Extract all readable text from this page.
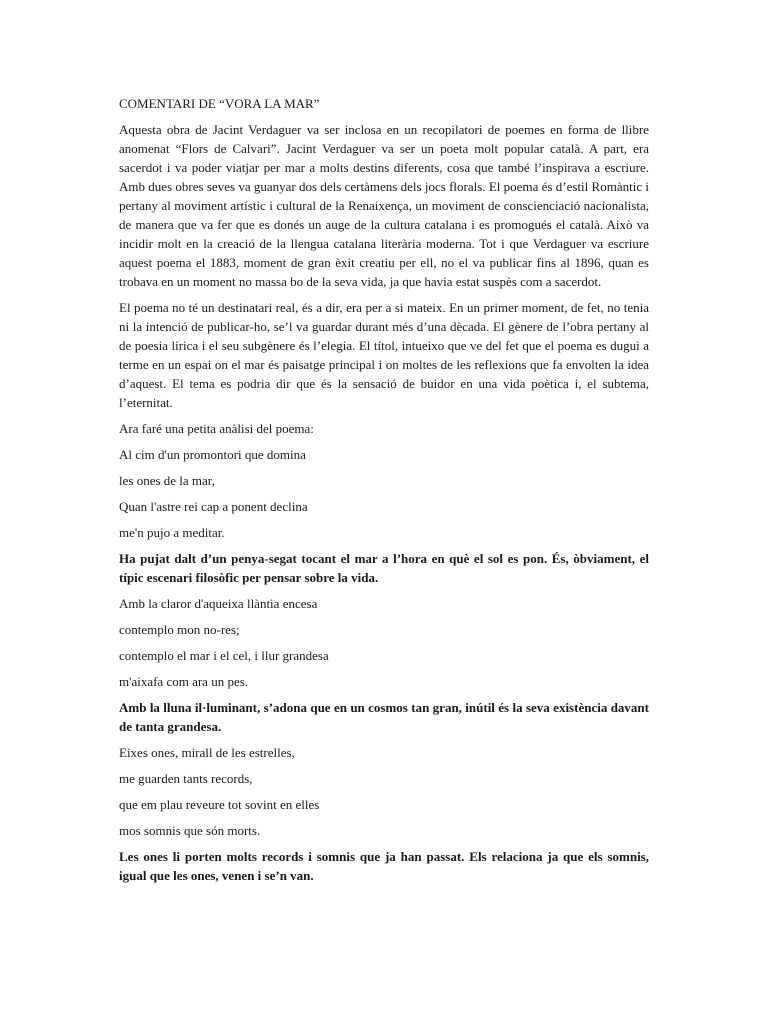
COMENTARI DE “VORA LA MAR”

Aquesta obra de Jacint Verdaguer va ser inclosa en un recopilatori de poemes en forma de llibre anomenat “Flors de Calvari”. Jacint Verdaguer va ser un poeta molt popular català. A part, era sacerdot i va poder viatjar per mar a molts destins diferents, cosa que també l’inspirava a escriure. Amb dues obres seves va guanyar dos dels certàmens dels jocs florals. El poema és d’estil Romàntic i pertany al moviment artístic i cultural de la Renaixença, un moviment de conscienciació nacionalista, de manera que va fer que es donés un auge de la cultura catalana i es promogués el català. Això va incidir molt en la creació de la llengua catalana literària moderna. Tot i que Verdaguer va escriure aquest poema el 1883, moment de gran èxit creatiu per ell, no el va publicar fins al 1896, quan es trobava en un moment no massa bo de la seva vida, ja que havia estat suspès com a sacerdot.

El poema no té un destinatari real, és a dir, era per a si mateix. En un primer moment, de fet, no tenia ni la intenció de publicar-ho, se’l va guardar durant més d’una dècada. El gènere de l’obra pertany al de poesia lírica i el seu subgènere és l’elegia. El títol, intueixo que ve del fet que el poema es dugui a terme en un espai on el mar és paisatge principal i on moltes de les reflexions que fa envolten la idea d’aquest. El tema es podria dir que és la sensació de buidor en una vida poètica i, el subtema, l’eternitat.

Ara faré una petita anàlisi del poema:

Al cim d'un promontori que domina

les ones de la mar,

Quan l'astre rei cap a ponent declina

me'n pujo a meditar.

Ha pujat dalt d’un penya-segat tocant el mar a l’hora en què el sol es pon. És, òbviament, el típic escenari filosòfic per pensar sobre la vida.

Amb la claror d'aqueixa llàntia encesa

contemplo mon no-res;

contemplo el mar i el cel, i llur grandesa

m'aixafa com ara un pes.

Amb la lluna il·luminant, s’adona que en un cosmos tan gran, inútil és la seva existència davant de tanta grandesa.

Eixes ones, mirall de les estrelles,

me guarden tants records,

que em plau reveure tot sovint en elles

mos somnis que són morts.

Les ones li porten molts records i somnis que ja han passat. Els relaciona ja que els somnis, igual que les ones, venen i se’n van.
